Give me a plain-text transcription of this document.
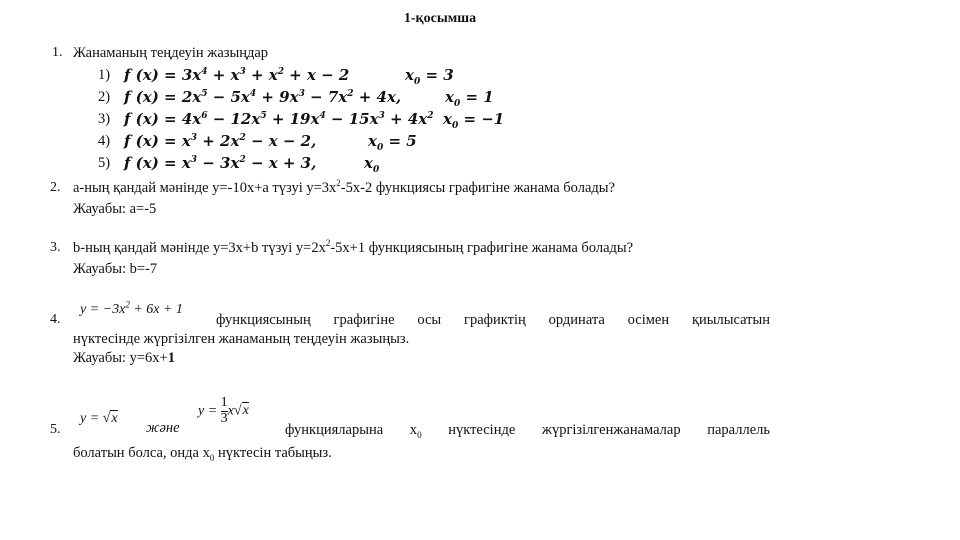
1-қосымша
1. Жанаманың теңдеуін жазыңдар
1) f $(x) = 3x^4 + x^3 + x^2 + x - 2$	$x_0 = 3$
2) f $(x) = 2x^5 - 5x^4 + 9x^3 - 7x^2 + 4x$,	$x_0 = 1$
3) f $(x) = 4x^6 - 12x^5 + 19x^4 - 15x^3 + 4x^2$ $x_0 = -1$
4) f $(x) = x^3 + 2x^2 - x - 2$,	$x_0 = 5$
5) f $(x) = x^3 - 3x^2 - x + 3$,	$x_0$
2. а-ның қандай мәнінде у=-10х+а түзуі $у=3х^2-5х-2$ функциясы графигіне жанама болады?
Жауабы: а=-5
3. b-ның қандай мәнінде у=3х+b түзуі $у=2х^2-5х+1$ функциясының графигіне жанама болады?
Жауабы: b=-7
4.
$y = -3x^2 + 6x + 1$
функциясының графигіне осы графиктің ордината осімен қиылысатын
нүктесінде жүргізілген жанаманың теңдеуін жазыңыз.
Жауабы: у=6х+1
5.
y = √x
және
$y = \frac{1}{3} x√x$
функцияларына $х_0$ нүктесінде жүргізілгенжанамалар параллель
болатын болса, онда $х_0$ нүктесін табыңыз.
